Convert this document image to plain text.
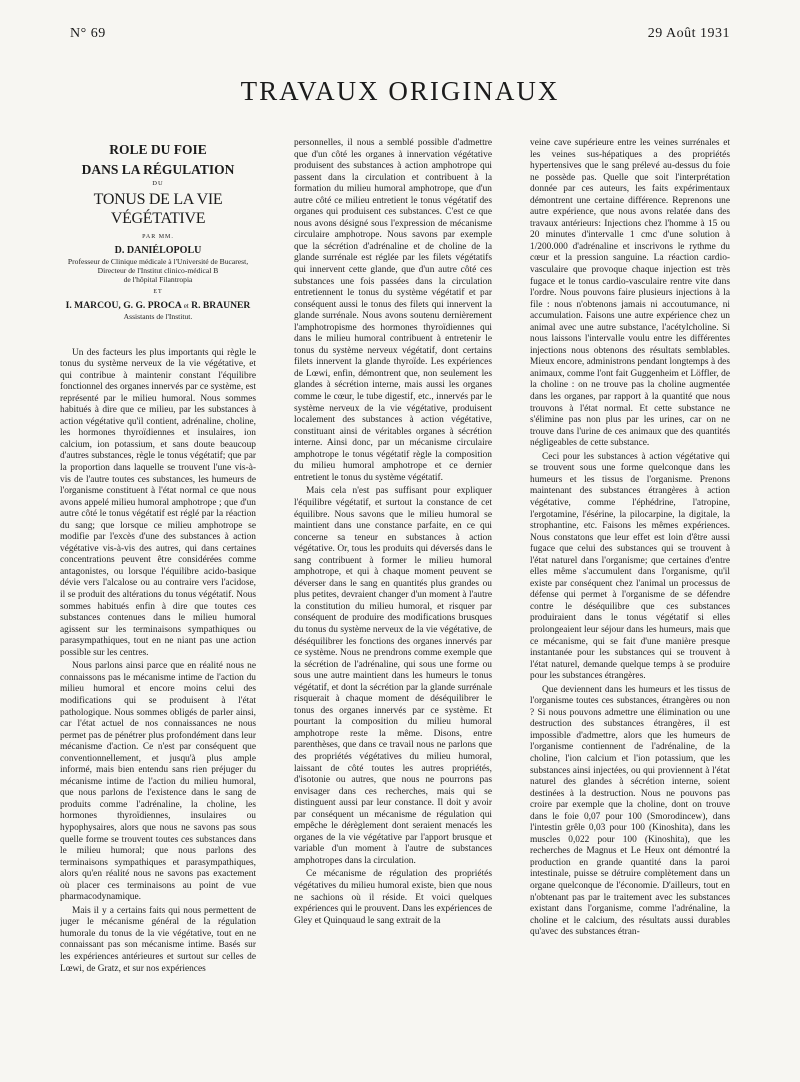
N° 69	29 Août 1931
TRAVAUX ORIGINAUX
ROLE DU FOIE
DANS LA RÉGULATION
DU
TONUS DE LA VIE VÉGÉTATIVE
PAR MM.
D. DANIÉLOPOLU
Professeur de Clinique médicale à l'Université de Bucarest,
Directeur de l'Institut clinico-médical B
de l'hôpital Filantropia
ET
I. MARCOU, G. G. PROCA et R. BRAUNER
Assistants de l'Institut.

Un des facteurs les plus importants qui règle le tonus du système nerveux de la vie végétative, et qui contribue à maintenir constant l'équilibre fonctionnel des organes innervés par ce système, est représenté par le milieu humoral. Nous sommes habitués à dire que ce milieu, par les substances à action végétative qu'il contient, adrénaline, choline, les hormones thyroïdiennes et insulaires, ion calcium, ion potassium, et sans doute beaucoup d'autres substances, règle le tonus végétatif; que par la proportion dans laquelle se trouvent l'une vis-à-vis de l'autre toutes ces substances, les humeurs de l'organisme constituent à l'état normal ce que nous avons appelé milieu humoral amphotrope ; que d'un autre côté le tonus végétatif est réglé par la réaction du sang; que lorsque ce milieu amphotrope se modifie par l'excès d'une des substances à action végétative vis-à-vis des autres, qui dans certaines concentrations peuvent être considérées comme antagonistes, ou lorsque l'équilibre acido-basique dévie vers l'alcalose ou au contraire vers l'acidose, il se produit des altérations du tonus végétatif. Nous sommes habitués enfin à dire que toutes ces substances contenues dans le milieu humoral agissent sur les terminaisons sympathiques ou parasympathiques, tout en ne niant pas une action possible sur les centres.

Nous parlons ainsi parce que en réalité nous ne connaissons pas le mécanisme intime de l'action du milieu humoral et encore moins celui des modifications qui se produisent à l'état pathologique. Nous sommes obligés de parler ainsi, car l'état actuel de nos connaissances ne nous permet pas de pénétrer plus profondément dans leur mécanisme d'action. Ce n'est par conséquent que conventionnellement, et jusqu'à plus ample informé, mais bien entendu sans rien préjuger du mécanisme intime de l'action du milieu humoral, que nous parlons de l'existence dans le sang de produits comme l'adrénaline, la choline, les hormones thyroïdiennes, insulaires ou hypophysaires, alors que nous ne savons pas sous quelle forme se trouvent toutes ces substances dans le milieu humoral; que nous parlons des terminaisons sympathiques et parasympathiques, alors qu'en réalité nous ne savons pas exactement où placer ces terminaisons au point de vue pharmacodynamique.

Mais il y a certains faits qui nous permettent de juger le mécanisme général de la régulation humorale du tonus de la vie végétative, tout en ne connaissant pas son mécanisme intime. Basés sur les expériences antérieures et surtout sur celles de Lœwi, de Gratz, et sur nos expériences

personnelles, il nous a semblé possible d'admettre que d'un côté les organes à innervation végétative produisent des substances à action amphotrope qui passent dans la circulation et contribuent à la formation du milieu humoral amphotrope, que d'un autre côté ce milieu entretient le tonus végétatif des organes qui produisent ces substances. C'est ce que nous avons désigné sous l'expression de mécanisme circulaire amphotrope. Nous savons par exemple que la sécrétion d'adrénaline et de choline de la glande surrénale est réglée par les filets végétatifs qui innervent cette glande, que d'un autre côté ces substances une fois passées dans la circulation entretiennent le tonus du système végétatif et par conséquent aussi le tonus des filets qui innervent la glande surrénale. Nous avons soutenu dernièrement l'amphotropisme des hormones thyroïdiennes qui dans le milieu humoral contribuent à entretenir le tonus du système nerveux végétatif, dont certains filets innervent la glande thyroïde. Les expériences de Lœwi, enfin, démontrent que, non seulement les glandes à sécrétion interne, mais aussi les organes comme le cœur, le tube digestif, etc., innervés par le système nerveux de la vie végétative, produisent localement des substances à action végétative, constituant ainsi de véritables organes à sécrétion interne. Ainsi donc, par un mécanisme circulaire amphotrope le tonus végétatif règle la composition du milieu humoral amphotrope et ce dernier entretient le tonus du système végétatif.

Mais cela n'est pas suffisant pour expliquer l'équilibre végétatif, et surtout la constance de cet équilibre. Nous savons que le milieu humoral se maintient dans une constance parfaite, en ce qui concerne sa teneur en substances à action végétative. Or, tous les produits qui déversés dans le sang contribuent à former le milieu humoral amphotrope, et qui à chaque moment peuvent se déverser dans le sang en quantités plus grandes ou plus petites, devraient changer d'un moment à l'autre la constitution du milieu humoral, et risquer par conséquent de produire des modifications brusques du tonus du système nerveux de la vie végétative, de déséquilibrer les fonctions des organes innervés par ce système. Nous ne prendrons comme exemple que la sécrétion de l'adrénaline, qui sous une forme ou sous une autre maintient dans les humeurs le tonus végétatif, et dont la sécrétion par la glande surrénale risquerait à chaque moment de déséquilibrer le tonus des organes innervés par ce système. Et pourtant la composition du milieu humoral amphotrope reste la même. Disons, entre parenthèses, que dans ce travail nous ne parlons que des propriétés végétatives du milieu humoral, laissant de côté toutes les autres propriétés, d'isotonie ou autres, que nous ne pourrons pas envisager dans ces recherches, mais qui se distinguent aussi par leur constance. Il doit y avoir par conséquent un mécanisme de régulation qui empêche le dérèglement dont seraient menacés les organes de la vie végétative par l'apport brusque et variable d'un moment à l'autre de substances amphotropes dans la circulation.

Ce mécanisme de régulation des propriétés végétatives du milieu humoral existe, bien que nous ne sachions où il réside. Et voici quelques expériences qui le prouvent. Dans les expériences de Gley et Quinquaud le sang extrait de la

veine cave supérieure entre les veines surrénales et les veines sus-hépatiques a des propriétés hypertensives que le sang prélevé au-dessus du foie ne possède pas. Quelle que soit l'interprétation donnée par ces auteurs, les faits expérimentaux démontrent une certaine différence. Reprenons une autre expérience, que nous avons relatée dans des travaux antérieurs: Injections chez l'homme à 15 ou 20 minutes d'intervalle 1 cmc d'une solution à 1/200.000 d'adrénaline et inscrivons le rythme du cœur et la pression sanguine. La réaction cardio-vasculaire que provoque chaque injection est très fugace et le tonus cardio-vasculaire rentre vite dans l'ordre. Nous pouvons faire plusieurs injections à la file : nous n'obtenons jamais ni accoutumance, ni accumulation. Faisons une autre expérience chez un animal avec une autre substance, l'acétylcholine. Si nous laissons l'intervalle voulu entre les différentes injections nous obtenons des résultats semblables. Mieux encore, administrons pendant longtemps à des animaux, comme l'ont fait Guggenheim et Löffler, de la choline : on ne trouve pas la choline augmentée dans les organes, par rapport à la quantité que nous trouvons à l'état normal. Et cette substance ne s'élimine pas non plus par les urines, car on ne trouve dans l'urine de ces animaux que des quantités négligeables de cette substance.

Ceci pour les substances à action végétative qui se trouvent sous une forme quelconque dans les humeurs et les tissus de l'organisme. Prenons maintenant des substances étrangères à action végétative, comme l'éphédrine, l'atropine, l'ergotamine, l'ésérine, la pilocarpine, la digitale, la strophantine, etc. Faisons les mêmes expériences. Nous constatons que leur effet est loin d'être aussi fugace que celui des substances qui se trouvent à l'état naturel dans l'organisme; que certaines d'entre elles même s'accumulent dans l'organisme, qu'il existe par conséquent chez l'animal un processus de défense qui permet à l'organisme de se défendre contre le déséquilibre que ces substances produiraient dans le tonus végétatif si elles prolongeaient leur séjour dans les humeurs, mais que ce mécanisme, qui se fait d'une manière presque instantanée pour les substances qui se trouvent à l'état naturel, demande quelque temps à se produire pour les substances étrangères.

Que deviennent dans les humeurs et les tissus de l'organisme toutes ces substances, étrangères ou non ? Si nous pouvons admettre une élimination ou une destruction des substances étrangères, il est impossible d'admettre, alors que les humeurs de l'organisme contiennent de l'adrénaline, de la choline, l'ion calcium et l'ion potassium, que les substances ainsi injectées, ou qui proviennent à l'état naturel des glandes à sécrétion interne, soient destinées à la destruction. Nous ne pouvons pas croire par exemple que la choline, dont on trouve dans le foie 0,07 pour 100 (Smorodincew), dans l'intestin grêle 0,03 pour 100 (Kinoshita), dans les muscles 0,022 pour 100 (Kinoshita), que les recherches de Magnus et Le Heux ont démontré la production en grande quantité dans la paroi intestinale, puisse se détruire complètement dans un organe quelconque de l'économie. D'ailleurs, tout en n'obtenant pas par le traitement avec les substances existant dans l'organisme, comme l'adrénaline, la choline et le calcium, des résultats aussi durables qu'avec des substances étran-
